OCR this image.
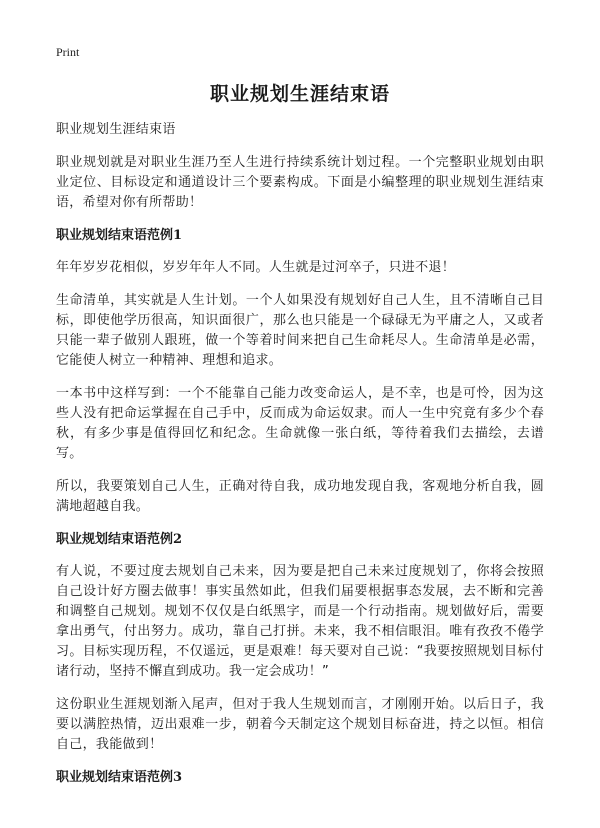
Print
职业规划生涯结束语

职业规划生涯结束语

职业规划就是对职业生涯乃至人生进行持续系统计划过程。一个完整职业规划由职业定位、目标设定和通道设计三个要素构成。下面是小编整理的职业规划生涯结束语，希望对你有所帮助！

职业规划结束语范例1

年年岁岁花相似，岁岁年年人不同。人生就是过河卒子，只进不退！

生命清单，其实就是人生计划。一个人如果没有规划好自己人生，且不清晰自己目标，即使他学历很高，知识面很广，那么也只能是一个碌碌无为平庸之人，又或者只能一辈子做别人跟班，做一个等着时间来把自己生命耗尽人。生命清单是必需，它能使人树立一种精神、理想和追求。

一本书中这样写到：一个不能靠自己能力改变命运人，是不幸，也是可怜，因为这些人没有把命运掌握在自己手中，反而成为命运奴隶。而人一生中究竟有多少个春秋，有多少事是值得回忆和纪念。生命就像一张白纸，等待着我们去描绘，去谱写。

所以，我要策划自己人生，正确对待自我，成功地发现自我，客观地分析自我，圆满地超越自我。

职业规划结束语范例2

有人说，不要过度去规划自己未来，因为要是把自己未来过度规划了，你将会按照自己设计好方圈去做事！事实虽然如此，但我们届要根据事态发展，去不断和完善和调整自己规划。规划不仅仅是白纸黑字，而是一个行动指南。规划做好后，需要拿出勇气，付出努力。成功，靠自己打拼。未来，我不相信眼泪。唯有孜孜不倦学习。目标实现历程，不仅遥远，更是艰难！每天要对自己说：“我要按照规划目标付诸行动，坚持不懈直到成功。我一定会成功！”

这份职业生涯规划渐入尾声，但对于我人生规划而言，才刚刚开始。以后日子，我要以满腔热情，迈出艰难一步，朝着今天制定这个规划目标奋进，持之以恒。相信自己，我能做到！

职业规划结束语范例3
